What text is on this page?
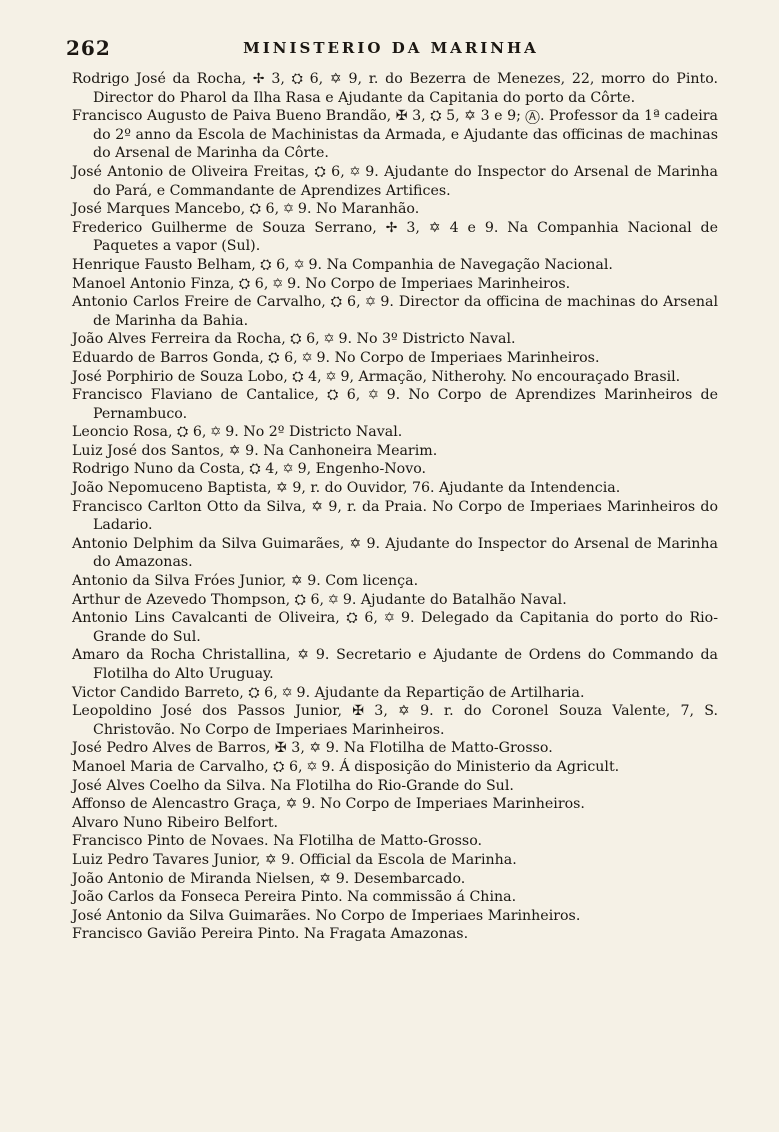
262	MINISTERIO DA MARINHA

Rodrigo José da Rocha, ✢ 3, ⛭ 6, ✡ 9, r. do Bezerra de Menezes, 22, morro do Pinto. Director do Pharol da Ilha Rasa e Ajudante da Capitania do porto da Côrte.

Francisco Augusto de Paiva Bueno Brandão, ✠ 3, ⛭ 5, ✡ 3 e 9; Ⓐ. Professor da 1ª cadeira do 2º anno da Escola de Machinistas da Armada, e Ajudante das officinas de machinas do Arsenal de Marinha da Côrte.

José Antonio de Oliveira Freitas, ⛭ 6, ✡ 9. Ajudante do Inspector do Arsenal de Marinha do Pará, e Commandante de Aprendizes Artifices.

José Marques Mancebo, ⛭ 6, ✡ 9. No Maranhão.

Frederico Guilherme de Souza Serrano, ✢ 3, ✡ 4 e 9. Na Companhia Nacional de Paquetes a vapor (Sul).

Henrique Fausto Belham, ⛭ 6, ✡ 9. Na Companhia de Navegação Nacional.

Manoel Antonio Finza, ⛭ 6, ✡ 9. No Corpo de Imperiaes Marinheiros.

Antonio Carlos Freire de Carvalho, ⛭ 6, ✡ 9. Director da officina de machinas do Arsenal de Marinha da Bahia.

João Alves Ferreira da Rocha, ⛭ 6, ✡ 9. No 3º Districto Naval.

Eduardo de Barros Gonda, ⛭ 6, ✡ 9. No Corpo de Imperiaes Marinheiros.

José Porphirio de Souza Lobo, ⛭ 4, ✡ 9, Armação, Nitherohy. No encouraçado Brasil.

Francisco Flaviano de Cantalice, ⛭ 6, ✡ 9. No Corpo de Aprendizes Marinheiros de Pernambuco.

Leoncio Rosa, ⛭ 6, ✡ 9. No 2º Districto Naval.

Luiz José dos Santos, ✡ 9. Na Canhoneira Mearim.

Rodrigo Nuno da Costa, ⛭ 4, ✡ 9, Engenho-Novo.

João Nepomuceno Baptista, ✡ 9, r. do Ouvidor, 76. Ajudante da Intendencia.

Francisco Carlton Otto da Silva, ✡ 9, r. da Praia. No Corpo de Imperiaes Marinheiros do Ladario.

Antonio Delphim da Silva Guimarães, ✡ 9. Ajudante do Inspector do Arsenal de Marinha do Amazonas.

Antonio da Silva Fróes Junior, ✡ 9. Com licença.

Arthur de Azevedo Thompson, ⛭ 6, ✡ 9. Ajudante do Batalhão Naval.

Antonio Lins Cavalcanti de Oliveira, ⛭ 6, ✡ 9. Delegado da Capitania do porto do Rio-Grande do Sul.

Amaro da Rocha Christallina, ✡ 9. Secretario e Ajudante de Ordens do Commando da Flotilha do Alto Uruguay.

Victor Candido Barreto, ⛭ 6, ✡ 9. Ajudante da Repartição de Artilharia.

Leopoldino José dos Passos Junior, ✠ 3, ✡ 9. r. do Coronel Souza Valente, 7, S. Christovão. No Corpo de Imperiaes Marinheiros.

José Pedro Alves de Barros, ✠ 3, ✡ 9. Na Flotilha de Matto-Grosso.

Manoel Maria de Carvalho, ⛭ 6, ✡ 9. Á disposição do Ministerio da Agricult.

José Alves Coelho da Silva. Na Flotilha do Rio-Grande do Sul.

Affonso de Alencastro Graça, ✡ 9. No Corpo de Imperiaes Marinheiros.

Alvaro Nuno Ribeiro Belfort.

Francisco Pinto de Novaes. Na Flotilha de Matto-Grosso.

Luiz Pedro Tavares Junior, ✡ 9. Official da Escola de Marinha.

João Antonio de Miranda Nielsen, ✡ 9. Desembarcado.

João Carlos da Fonseca Pereira Pinto. Na commissão á China.

José Antonio da Silva Guimarães. No Corpo de Imperiaes Marinheiros.

Francisco Gavião Pereira Pinto. Na Fragata Amazonas.
